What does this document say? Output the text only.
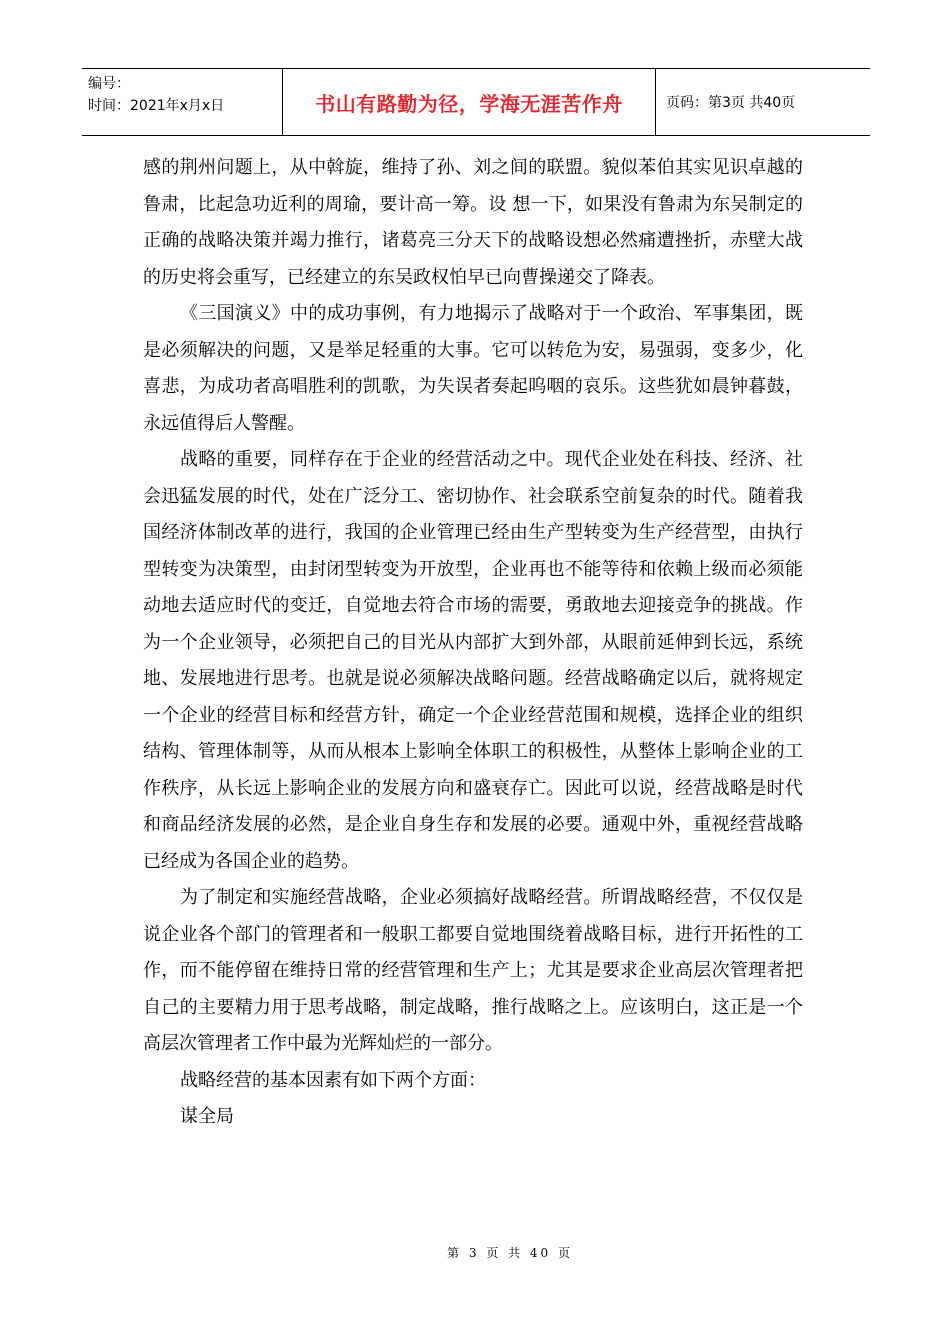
编号：
时间：2021年x月x日	书山有路勤为径，学海无涯苦作舟	页码：第3页 共40页

感的荆州问题上，从中斡旋，维持了孙、刘之间的联盟。貌似苯伯其实见识卓越的鲁肃，比起急功近利的周瑜，要计高一筹。设 想一下，如果没有鲁肃为东吴制定的正确的战略决策并竭力推行，诸葛亮三分天下的战略设想必然痛遭挫折，赤壁大战的历史将会重写，已经建立的东吴政权怕早已向曹操递交了降表。

《三国演义》中的成功事例，有力地揭示了战略对于一个政治、军事集团，既是必须解决的问题，又是举足轻重的大事。它可以转危为安，易强弱，变多少，化喜悲，为成功者高唱胜利的凯歌，为失误者奏起呜咽的哀乐。这些犹如晨钟暮鼓，永远值得后人警醒。

战略的重要，同样存在于企业的经营活动之中。现代企业处在科技、经济、社会迅猛发展的时代，处在广泛分工、密切协作、社会联系空前复杂的时代。随着我国经济体制改革的进行，我国的企业管理已经由生产型转变为生产经营型，由执行型转变为决策型，由封闭型转变为开放型，企业再也不能等待和依赖上级而必须能动地去适应时代的变迁，自觉地去符合市场的需要，勇敢地去迎接竞争的挑战。作为一个企业领导，必须把自己的目光从内部扩大到外部，从眼前延伸到长远，系统地、发展地进行思考。也就是说必须解决战略问题。经营战略确定以后，就将规定一个企业的经营目标和经营方针，确定一个企业经营范围和规模，选择企业的组织结构、管理体制等，从而从根本上影响全体职工的积极性，从整体上影响企业的工作秩序，从长远上影响企业的发展方向和盛衰存亡。因此可以说，经营战略是时代和商品经济发展的必然，是企业自身生存和发展的必要。通观中外，重视经营战略已经成为各国企业的趋势。

为了制定和实施经营战略，企业必须搞好战略经营。所谓战略经营，不仅仅是说企业各个部门的管理者和一般职工都要自觉地围绕着战略目标，进行开拓性的工作，而不能停留在维持日常的经营管理和生产上；尤其是要求企业高层次管理者把自己的主要精力用于思考战略，制定战略，推行战略之上。应该明白，这正是一个高层次管理者工作中最为光辉灿烂的一部分。

战略经营的基本因素有如下两个方面：

谋全局

第 3 页 共 40 页
